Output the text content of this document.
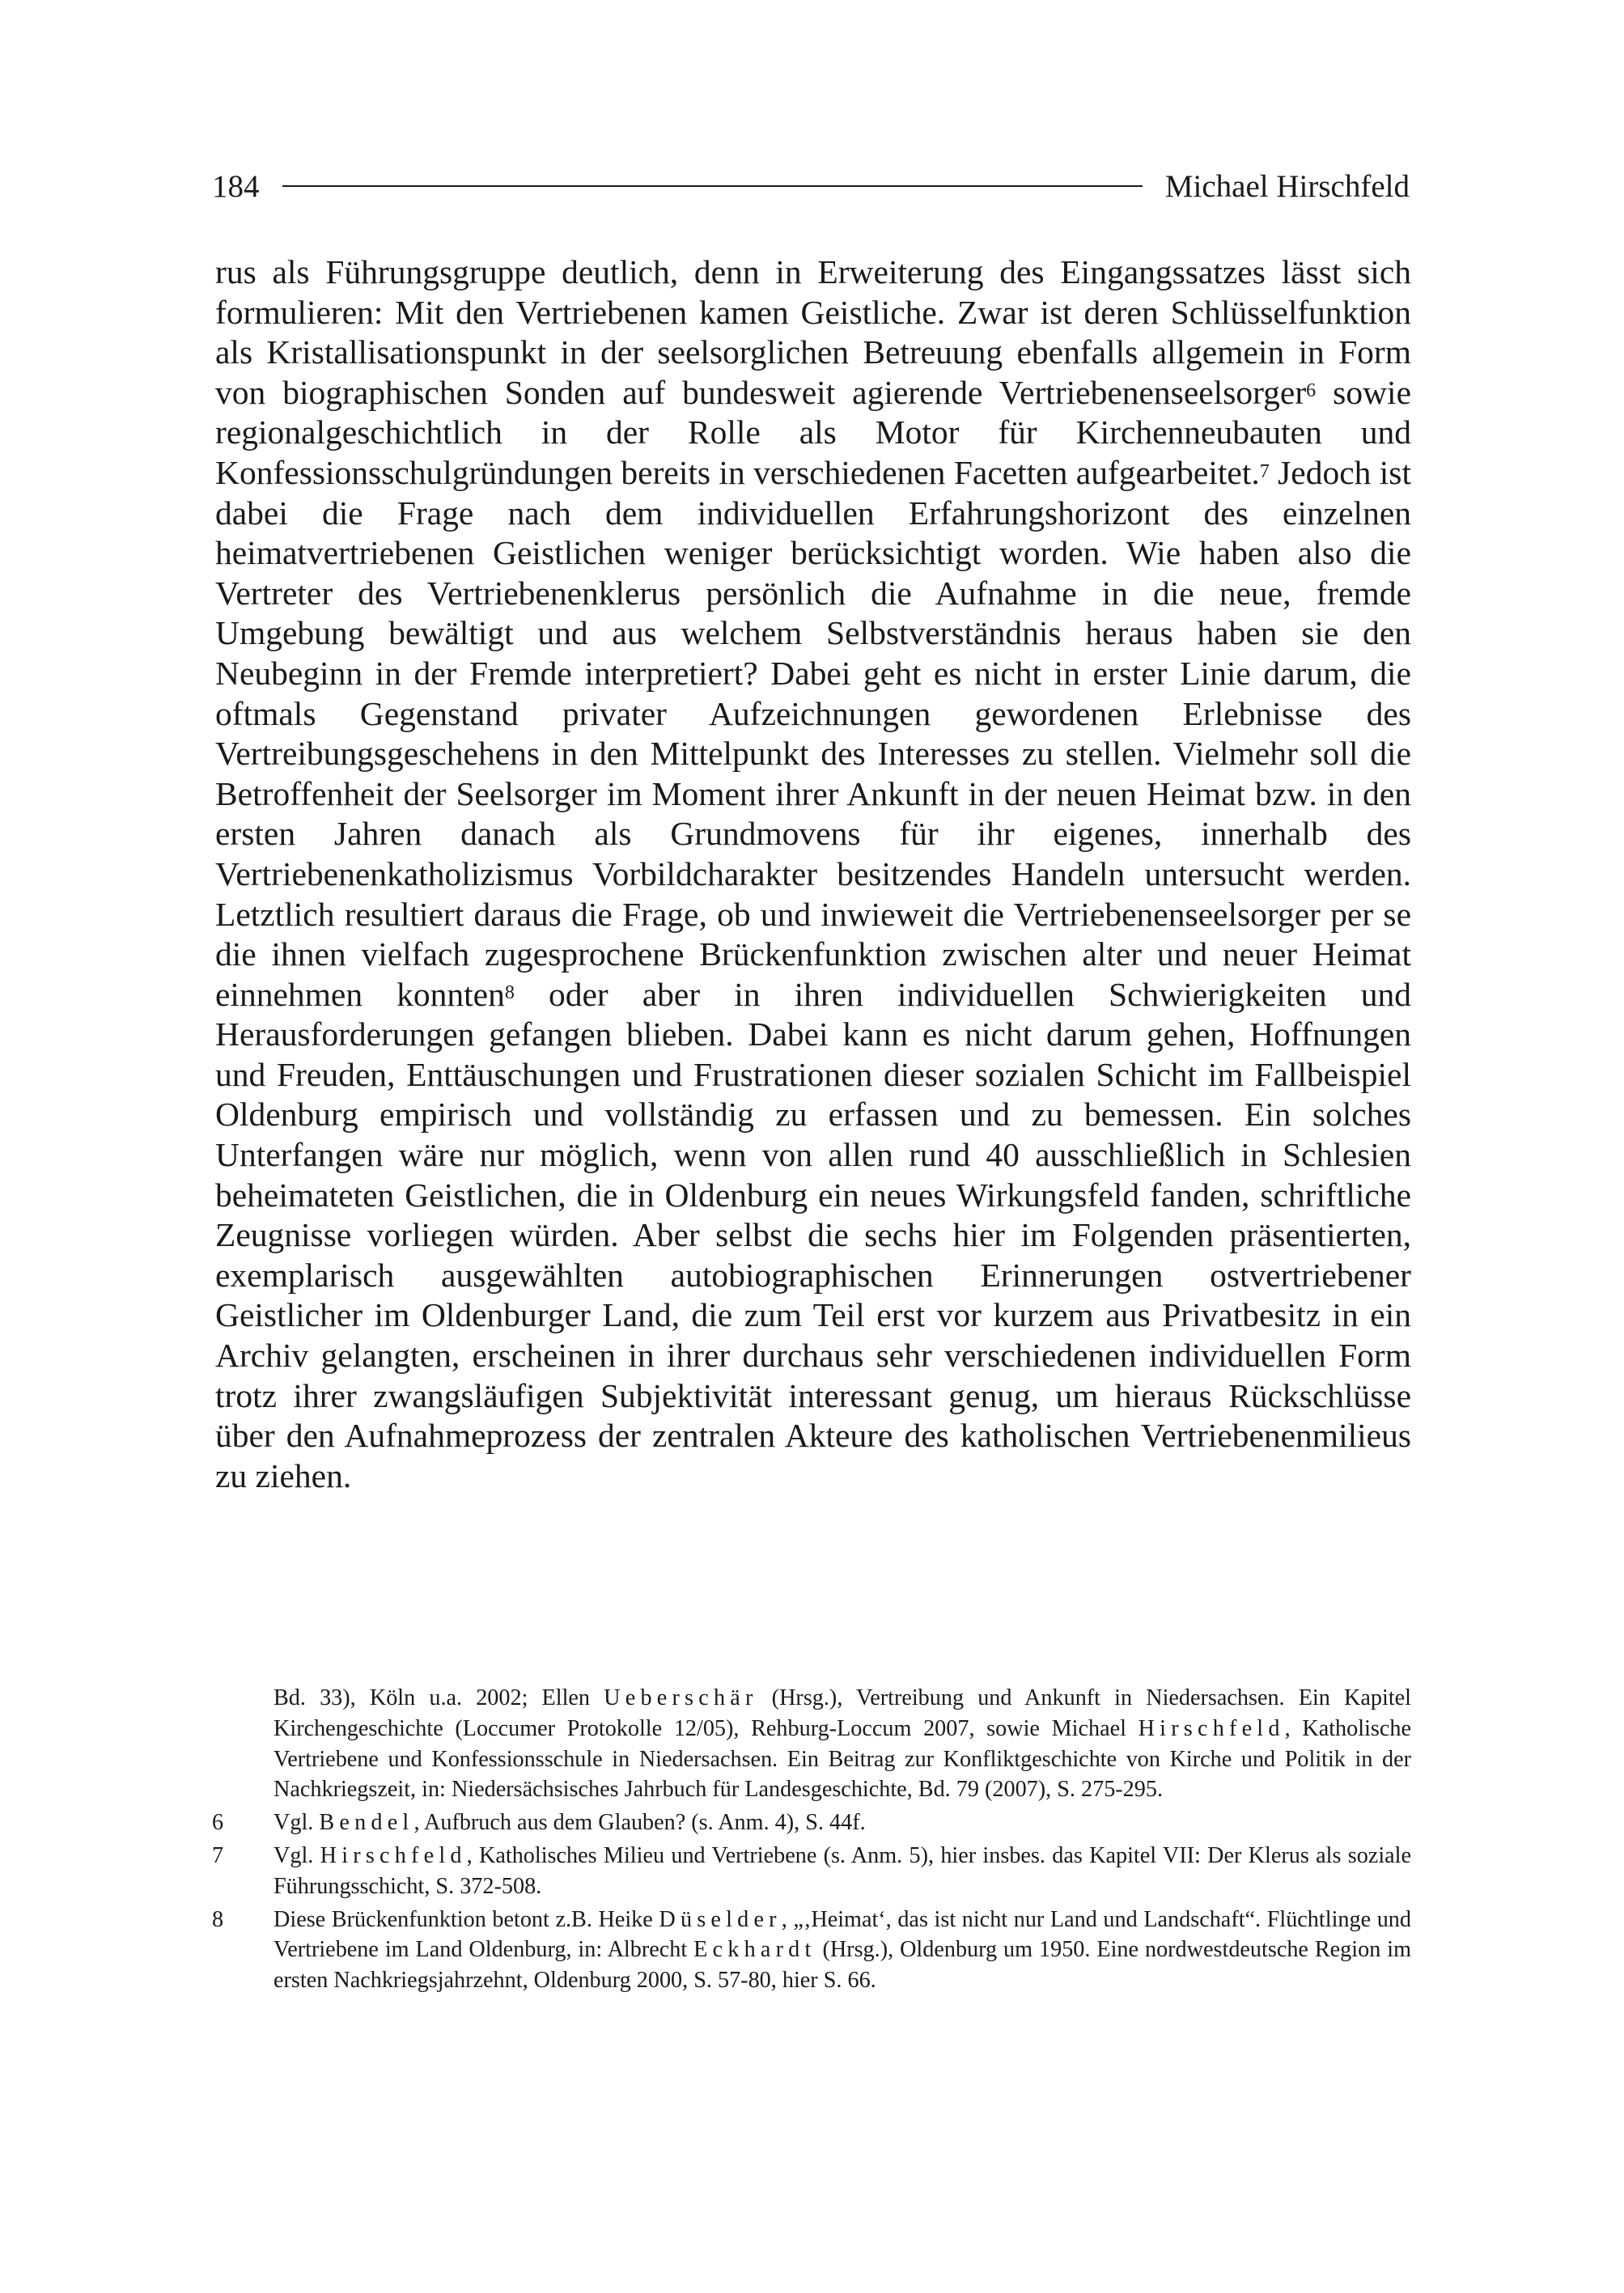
184	Michael Hirschfeld

rus als Führungsgruppe deutlich, denn in Erweiterung des Eingangssatzes lässt sich formulieren: Mit den Vertriebenen kamen Geistliche. Zwar ist deren Schlüsselfunktion als Kristallisationspunkt in der seelsorglichen Betreuung ebenfalls allgemein in Form von biographischen Sonden auf bundesweit agierende Vertriebenenseelsorger$^6$ sowie regionalgeschichtlich in der Rolle als Motor für Kirchenneubauten und Konfessionsschulgründungen bereits in verschiedenen Facetten aufgearbeitet.$^7$ Jedoch ist dabei die Frage nach dem individuellen Erfahrungshorizont des einzelnen heimatvertriebenen Geistlichen weniger berücksichtigt worden. Wie haben also die Vertreter des Vertriebenenklerus persönlich die Aufnahme in die neue, fremde Umgebung bewältigt und aus welchem Selbstverständnis heraus haben sie den Neubeginn in der Fremde interpretiert? Dabei geht es nicht in erster Linie darum, die oftmals Gegenstand privater Aufzeichnungen gewordenen Erlebnisse des Vertreibungsgeschehens in den Mittelpunkt des Interesses zu stellen. Vielmehr soll die Betroffenheit der Seelsorger im Moment ihrer Ankunft in der neuen Heimat bzw. in den ersten Jahren danach als Grundmovens für ihr eigenes, innerhalb des Vertriebenenkatholizismus Vorbildcharakter besitzendes Handeln untersucht werden. Letztlich resultiert daraus die Frage, ob und inwieweit die Vertriebenenseelsorger per se die ihnen vielfach zugesprochene Brückenfunktion zwischen alter und neuer Heimat einnehmen konnten$^8$ oder aber in ihren individuellen Schwierigkeiten und Herausforderungen gefangen blieben. Dabei kann es nicht darum gehen, Hoffnungen und Freuden, Enttäuschungen und Frustrationen dieser sozialen Schicht im Fallbeispiel Oldenburg empirisch und vollständig zu erfassen und zu bemessen. Ein solches Unterfangen wäre nur möglich, wenn von allen rund 40 ausschließlich in Schlesien beheimateten Geistlichen, die in Oldenburg ein neues Wirkungsfeld fanden, schriftliche Zeugnisse vorliegen würden. Aber selbst die sechs hier im Folgenden präsentierten, exemplarisch ausgewählten autobiographischen Erinnerungen ostvertriebener Geistlicher im Oldenburger Land, die zum Teil erst vor kurzem aus Privatbesitz in ein Archiv gelangten, erscheinen in ihrer durchaus sehr verschiedenen individuellen Form trotz ihrer zwangsläufigen Subjektivität interessant genug, um hieraus Rückschlüsse über den Aufnahmeprozess der zentralen Akteure des katholischen Vertriebenenmilieus zu ziehen.

Bd. 33), Köln u.a. 2002; Ellen Ueberschär (Hrsg.), Vertreibung und Ankunft in Niedersachsen. Ein Kapitel Kirchengeschichte (Loccumer Protokolle 12/05), Rehburg-Loccum 2007, sowie Michael Hirschfeld, Katholische Vertriebene und Konfessionsschule in Niedersachsen. Ein Beitrag zur Konfliktgeschichte von Kirche und Politik in der Nachkriegszeit, in: Niedersächsisches Jahrbuch für Landesgeschichte, Bd. 79 (2007), S. 275-295.
6	Vgl. Bendel, Aufbruch aus dem Glauben? (s. Anm. 4), S. 44f.
7	Vgl. Hirschfeld, Katholisches Milieu und Vertriebene (s. Anm. 5), hier insbes. das Kapitel VII: Der Klerus als soziale Führungsschicht, S. 372-508.
8	Diese Brückenfunktion betont z.B. Heike Düselder, „‚Heimat‘, das ist nicht nur Land und Landschaft“. Flüchtlinge und Vertriebene im Land Oldenburg, in: Albrecht Eckhardt (Hrsg.), Oldenburg um 1950. Eine nordwestdeutsche Region im ersten Nachkriegsjahrzehnt, Oldenburg 2000, S. 57-80, hier S. 66.
